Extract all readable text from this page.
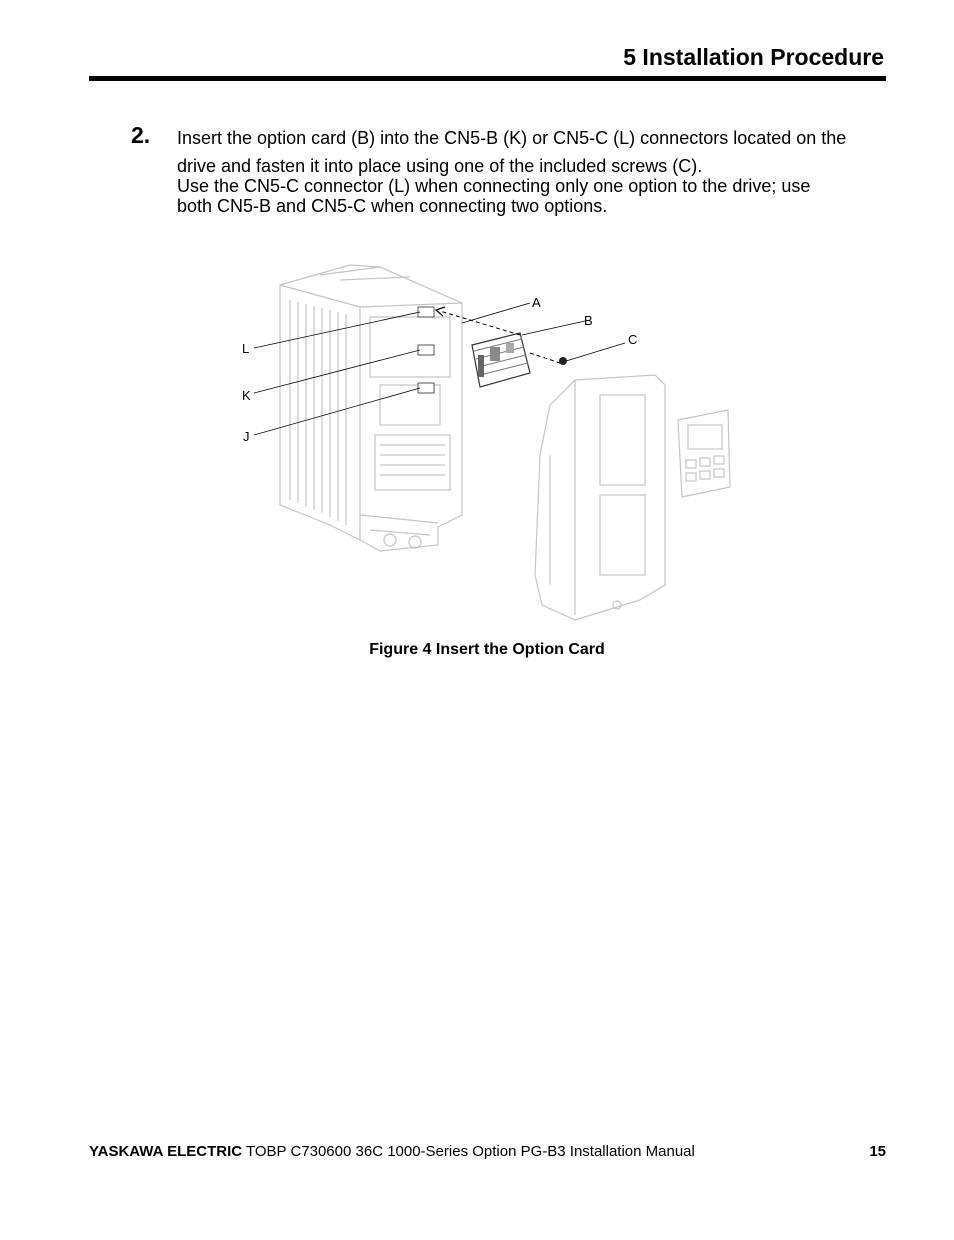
5 Installation Procedure
2. Insert the option card (B) into the CN5-B (K) or CN5-C (L) connectors located on the

drive and fasten it into place using one of the included screws (C).

Use the CN5-C connector (L) when connecting only one option to the drive; use

both CN5-B and CN5-C when connecting two options.

A
B
C
L
K
J
Figure 4 Insert the Option Card
YASKAWA ELECTRIC TOBP C730600 36C 1000-Series Option PG-B3 Installation Manual	15
